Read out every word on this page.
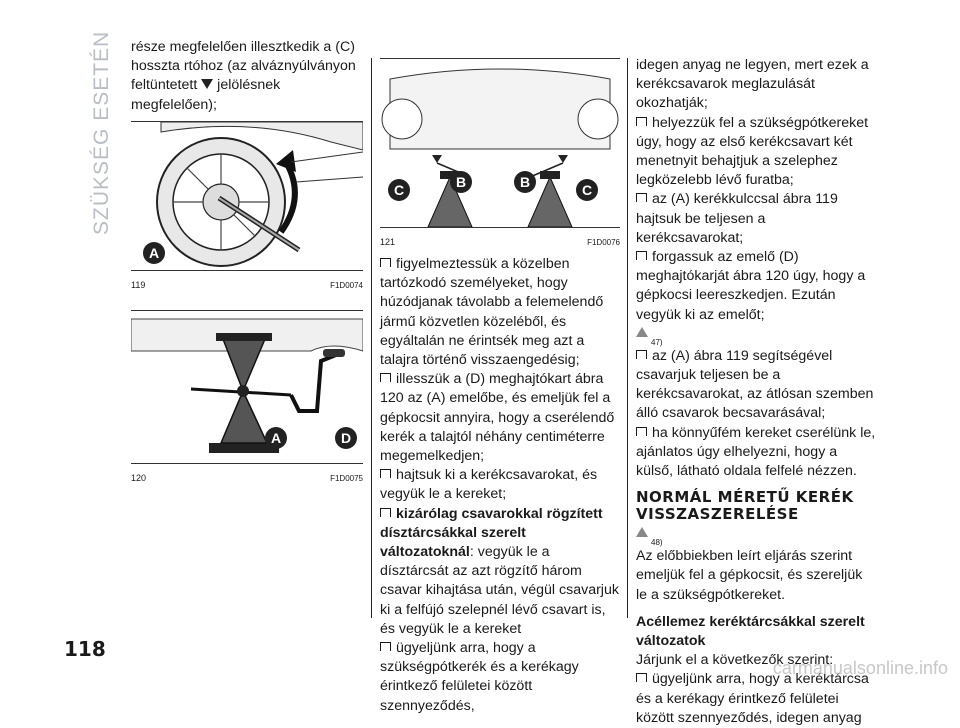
SZÜKSÉG ESETÉN része megfelelően illesztkedik a (C) hosszta rtóhoz (az alváznyúlványon feltüntetett jelölésnek megfelelően);

A
119	F1D0074
A	D
120	F1D0075
C	B	B	C
121	F1D0076

figyelmeztessük a közelben tartózkodó személyeket, hogy húzódjanak távolabb a felemelendő jármű közvetlen közeléből, és egyáltalán ne érintsék meg azt a talajra történő visszaengedésig;

illesszük a (D) meghajtókart ábra 120 az (A) emelőbe, és emeljük fel a gépkocsit annyira, hogy a cserélendő kerék a talajtól néhány centiméterre megemelkedjen;

hajtsuk ki a kerékcsavarokat, és vegyük le a kereket;

kizárólag csavarokkal rögzített dísztárcsákkal szerelt változatoknál: vegyük le a dísztárcsát az azt rögzítő három csavar kihajtása után, végül csavarjuk ki a felfújó szelepnél lévő csavart is, és vegyük le a kereket

ügyeljünk arra, hogy a szükségpótkerék és a kerékagy érintkező felületei között szennyeződés,

idegen anyag ne legyen, mert ezek a kerékcsavarok meglazulását okozhatják;

helyezzük fel a szükségpótkereket úgy, hogy az első kerékcsavart két menetnyit behajtjuk a szelephez legközelebb lévő furatba;

az (A) kerékkulccsal ábra 119 hajtsuk be teljesen a kerékcsavarokat;

forgassuk az emelő (D) meghajtókarját ábra 120 úgy, hogy a gépkocsi leereszkedjen. Ezután vegyük ki az emelőt;

47)

az (A) ábra 119 segítségével csavarjuk teljesen be a kerékcsavarokat, az átlósan szemben álló csavarok becsavarásával;

ha könnyűfém kereket cserélünk le, ajánlatos úgy elhelyezni, hogy a külső, látható oldala felfelé nézzen.

NORMÁL MÉRETŰ KERÉK VISSZASZERELÉSE
48)

Az előbbiekben leírt eljárás szerint emeljük fel a gépkocsit, és szereljük le a szükségpótkereket.

Acéllemez keréktárcsákkal szerelt változatok

Járjunk el a következők szerint:

ügyeljünk arra, hogy a keréktárcsa és a kerékagy érintkező felületei között szennyeződés, idegen anyag

118
carmanualsonline.info
